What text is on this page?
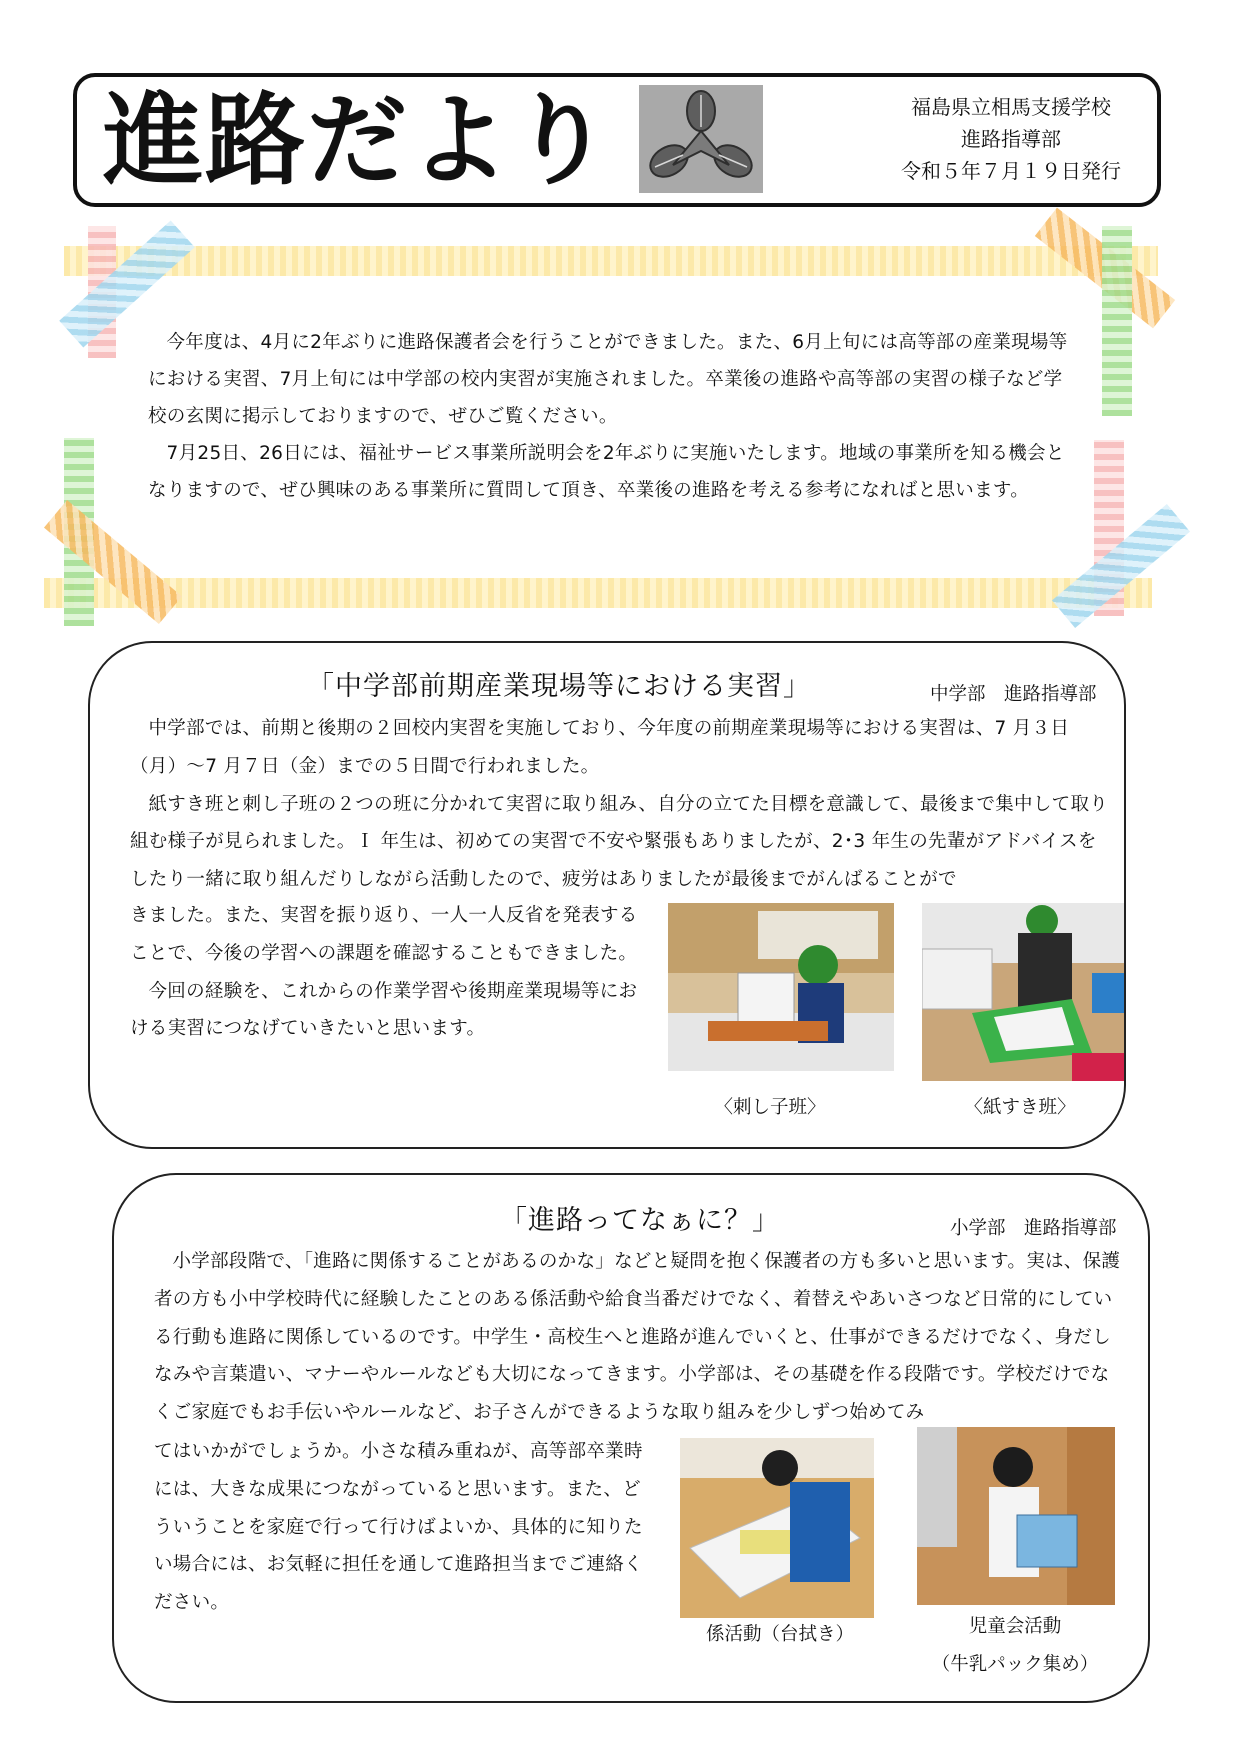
進路だより	福島県立相馬支援学校
進路指導部
令和５年７月１９日発行

今年度は、4月に2年ぶりに進路保護者会を行うことができました。また、6月上旬には高等部の産業現場等における実習、7月上旬には中学部の校内実習が実施されました。卒業後の進路や高等部の実習の様子など学校の玄関に掲示しておりますので、ぜひご覧ください。

7月25日、26日には、福祉サービス事業所説明会を2年ぶりに実施いたします。地域の事業所を知る機会となりますので、ぜひ興味のある事業所に質問して頂き、卒業後の進路を考える参考になればと思います。

「中学部前期産業現場等における実習」	中学部　進路指導部

中学部では、前期と後期の２回校内実習を実施しており、今年度の前期産業現場等における実習は、7 月３日（月）～7 月７日（金）までの５日間で行われました。

紙すき班と刺し子班の２つの班に分かれて実習に取り組み、自分の立てた目標を意識して、最後まで集中して取り組む様子が見られました。Ｉ 年生は、初めての実習で不安や緊張もありましたが、2･3 年生の先輩がアドバイスをしたり一緒に取り組んだりしながら活動したので、疲労はありましたが最後までがんばることがで

きました。また、実習を振り返り、一人一人反省を発表することで、今後の学習への課題を確認することもできました。

今回の経験を、これからの作業学習や後期産業現場等における実習につなげていきたいと思います。

〈刺し子班〉	〈紙すき班〉
「進路ってなぁに？」	小学部　進路指導部

小学部段階で、「進路に関係することがあるのかな」などと疑問を抱く保護者の方も多いと思います。実は、保護者の方も小中学校時代に経験したことのある係活動や給食当番だけでなく、着替えやあいさつなど日常的にしている行動も進路に関係しているのです。中学生・高校生へと進路が進んでいくと、仕事ができるだけでなく、身だしなみや言葉遣い、マナーやルールなども大切になってきます。小学部は、その基礎を作る段階です。学校だけでなくご家庭でもお手伝いやルールなど、お子さんができるような取り組みを少しずつ始めてみ

てはいかがでしょうか。小さな積み重ねが、高等部卒業時には、大きな成果につながっていると思います。また、どういうことを家庭で行って行けばよいか、具体的に知りたい場合には、お気軽に担任を通して進路担当までご連絡ください。

係活動（台拭き）	児童会活動
（牛乳パック集め）
